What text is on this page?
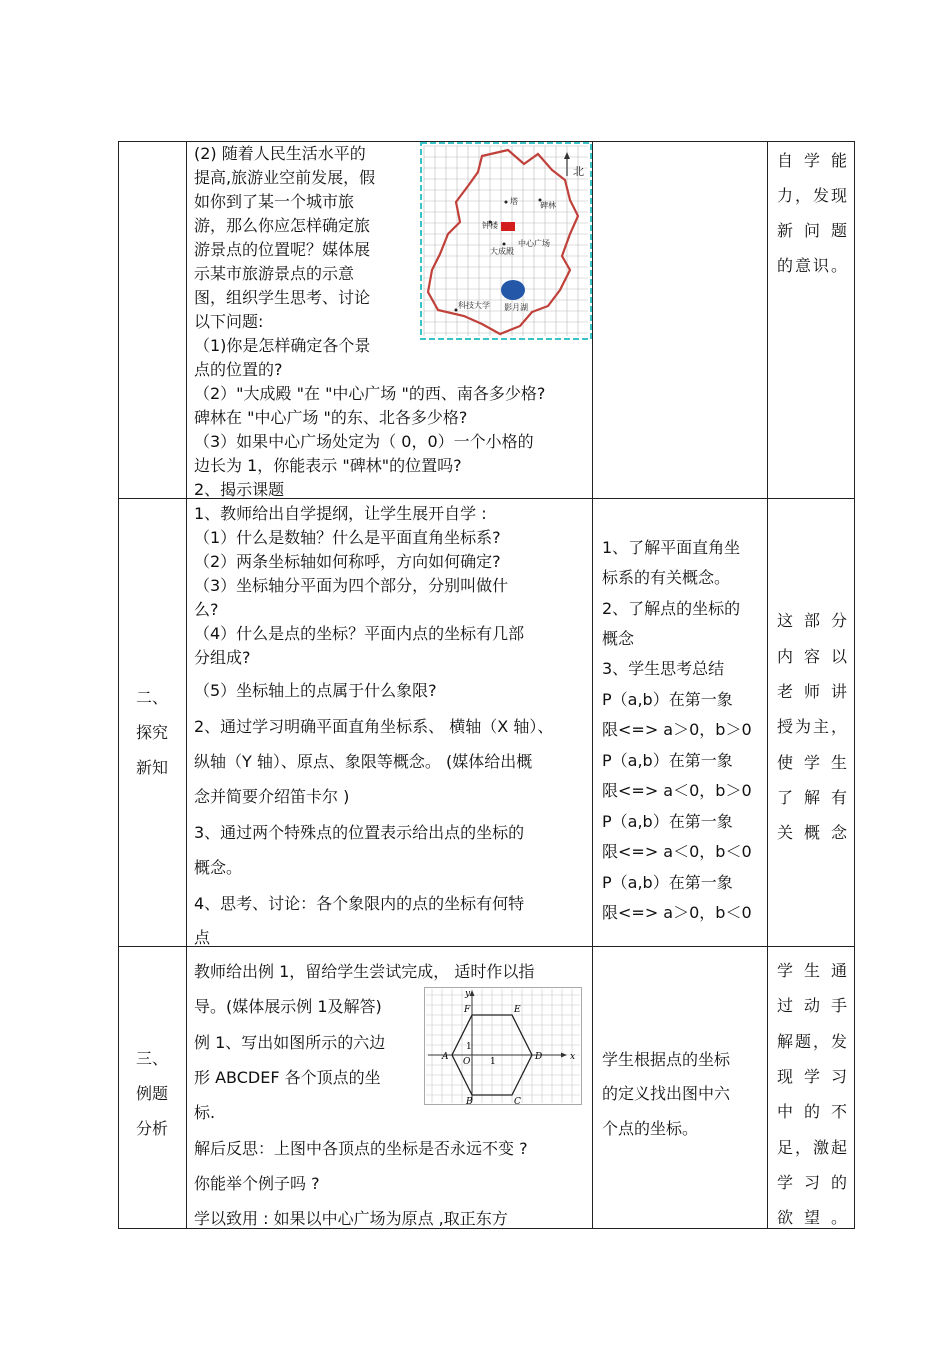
(2) 随着人民生活水平的
提高,旅游业空前发展，假
如你到了某一个城市旅
游，那么你应怎样确定旅
游景点的位置呢？媒体展
示某市旅游景点的示意
图，组织学生思考、讨论
以下问题:
（1)你是怎样确定各个景
点的位置的?
（2）"大成殿 "在 "中心广场 "的西、南各多少格?
碑林在 "中心广场 "的东、北各多少格?
（3）如果中心广场处定为（ 0，0）一个小格的
边长为 1，你能表示 "碑林"的位置吗?
2、揭示课题
北
塔	碑林
钟楼
中心广场
大成殿
科技大学 影月湖
自 学 能
力，发现
新 问 题
的意识。
二、
探究
新知
1、教师给出自学提纲，让学生展开自学 :
（1）什么是数轴？什么是平面直角坐标系?
（2）两条坐标轴如何称呼，方向如何确定?
（3）坐标轴分平面为四个部分，分别叫做什
么?
（4）什么是点的坐标？平面内点的坐标有几部
分组成?
（5）坐标轴上的点属于什么象限?
2、通过学习明确平面直角坐标系、 横轴（X 轴）、
纵轴（Y 轴）、原点、象限等概念。 (媒体给出概
念并简要介绍笛卡尔 )
3、通过两个特殊点的位置表示给出点的坐标的
概念。
4、思考、讨论：各个象限内的点的坐标有何特
点
1、了解平面直角坐
标系的有关概念。
2、了解点的坐标的
概念
3、学生思考总结
P（a,b）在第一象
限<=> a＞0，b＞0
P（a,b）在第一象
限<=> a＜0，b＞0
P（a,b）在第一象
限<=> a＜0，b＜0
P（a,b）在第一象
限<=> a＞0，b＜0
这 部 分
内 容 以
老 师 讲
授为主，
使 学 生
了 解 有
关概念
三、
例题
分析
教师给出例 1，留给学生尝试完成， 适时作以指
导。(媒体展示例 1及解答)
例 1、写出如图所示的六边
形 ABCDEF 各个顶点的坐
标.
解后反思：上图中各顶点的坐标是否永远不变 ?
你能举个例子吗 ?
学以致用 : 如果以中心广场为原点 ,取正东方
x
y
O 1
1
A
B	C
D
E
F
学生根据点的坐标
的定义找出图中六
个点的坐标。
学 生 通
过 动 手
解题，发
现 学 习
中 的 不
足，激起
学 习 的
欲望。
